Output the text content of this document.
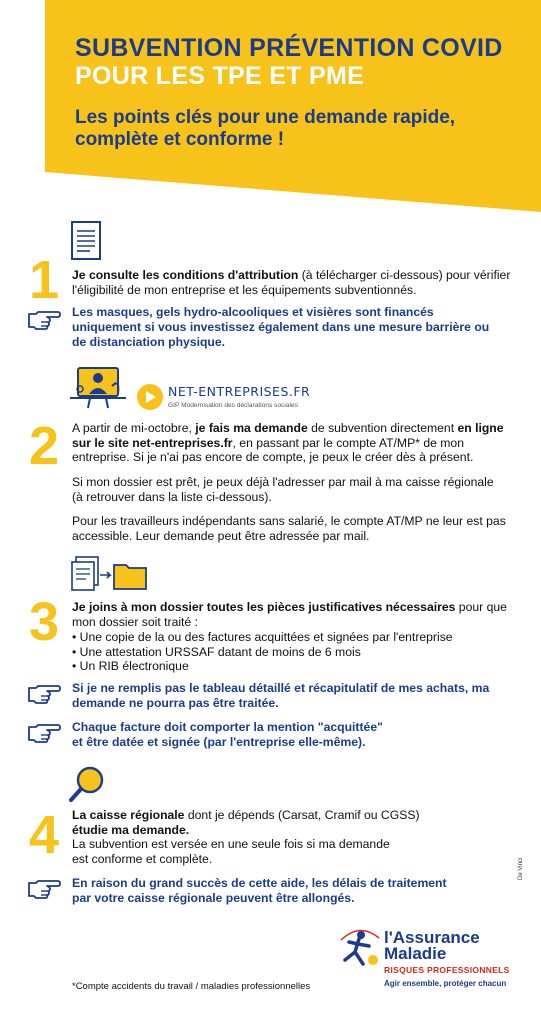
SUBVENTION PRÉVENTION COVID
POUR LES TPE ET PME
Les points clés pour une demande rapide,
complète et conforme !
1 Je consulte les conditions d'attribution (à télécharger ci-dessous) pour vérifier l'éligibilité de mon entreprise et les équipements subventionnés.
Les masques, gels hydro-alcooliques et visières sont financés uniquement si vous investissez également dans une mesure barrière ou de distanciation physique.
NET-ENTREPRISES.FR
GIP Modernisation des déclarations sociales
2 A partir de mi-octobre, je fais ma demande de subvention directement en ligne sur le site net-entreprises.fr, en passant par le compte AT/MP* de mon entreprise. Si je n'ai pas encore de compte, je peux le créer dès à présent.
Si mon dossier est prêt, je peux déjà l'adresser par mail à ma caisse régionale (à retrouver dans la liste ci-dessous).
Pour les travailleurs indépendants sans salarié, le compte AT/MP ne leur est pas accessible. Leur demande peut être adressée par mail.
3 Je joins à mon dossier toutes les pièces justificatives nécessaires pour que mon dossier soit traité :
• Une copie de la ou des factures acquittées et signées par l'entreprise
• Une attestation URSSAF datant de moins de 6 mois
• Un RIB électronique
Si je ne remplis pas le tableau détaillé et récapitulatif de mes achats, ma demande ne pourra pas être traitée.
Chaque facture doit comporter la mention "acquittée"
et être datée et signée (par l'entreprise elle-même).
4 La caisse régionale dont je dépends (Carsat, Cramif ou CGSS)
étudie ma demande.
La subvention est versée en une seule fois si ma demande
est conforme et complète.
En raison du grand succès de cette aide, les délais de traitement
par votre caisse régionale peuvent être allongés.
De Vinci
*Compte accidents du travail / maladies professionnelles
l'Assurance
Maladie
RISQUES PROFESSIONNELS
Agir ensemble, protéger chacun
